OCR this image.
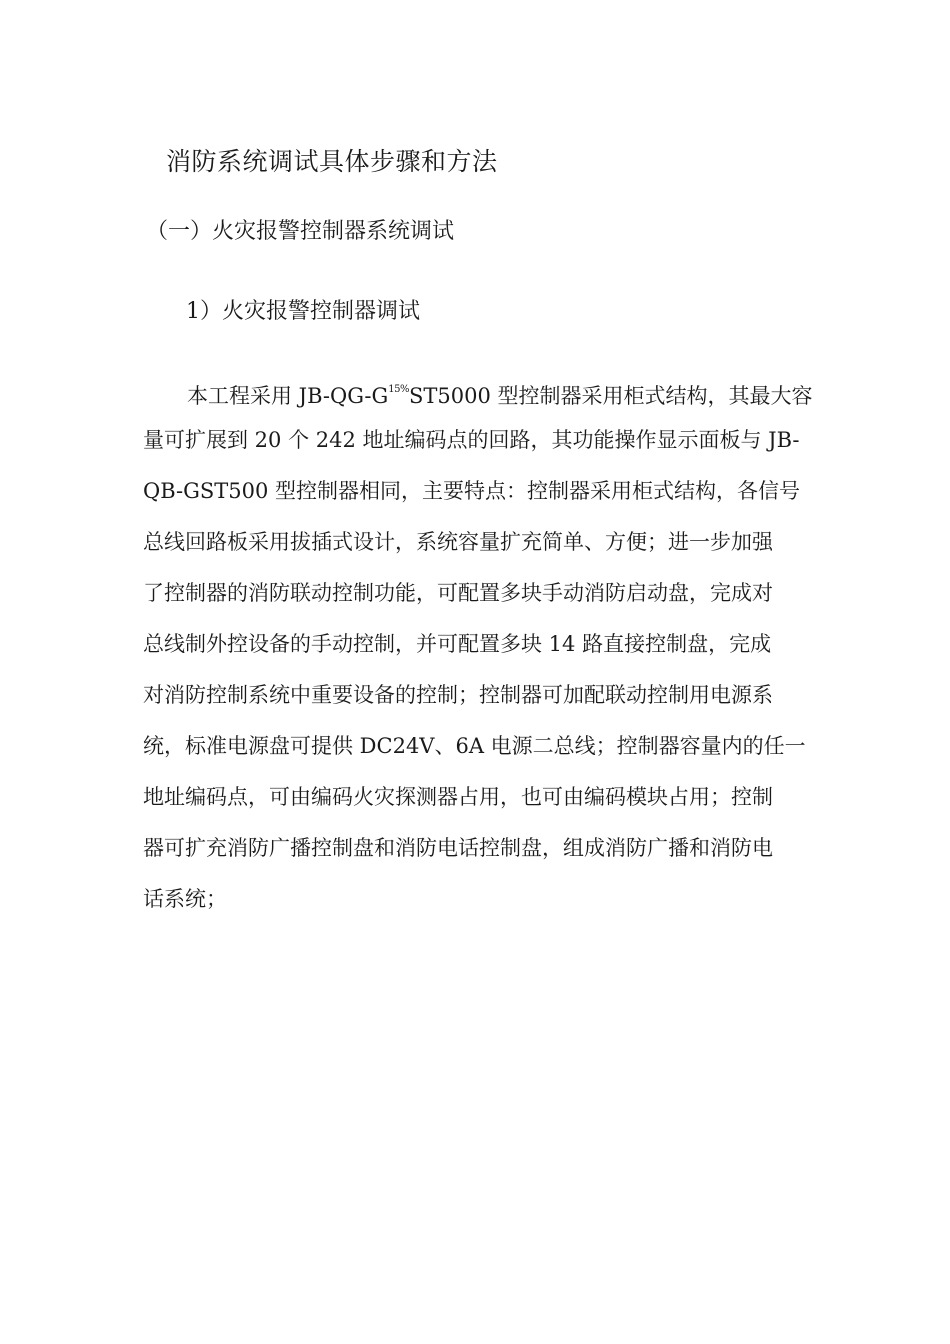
消防系统调试具体步骤和方法
（一）火灾报警控制器系统调试
1）火灾报警控制器调试
本工程采用 $JB-QG-G^{15\%}ST5000$ 型控制器采用柜式结构，其最大容
量可扩展到 20 个 242 地址编码点的回路，其功能操作显示面板与 JB-
QB-GST500 型控制器相同，主要特点：控制器采用柜式结构，各信号
总线回路板采用拔插式设计，系统容量扩充简单、方便；进一步加强
了控制器的消防联动控制功能，可配置多块手动消防启动盘，完成对
总线制外控设备的手动控制，并可配置多块 14 路直接控制盘，完成
对消防控制系统中重要设备的控制；控制器可加配联动控制用电源系
统，标准电源盘可提供 DC24V、6A 电源二总线；控制器容量内的任一
地址编码点，可由编码火灾探测器占用，也可由编码模块占用；控制
器可扩充消防广播控制盘和消防电话控制盘，组成消防广播和消防电
话系统；
